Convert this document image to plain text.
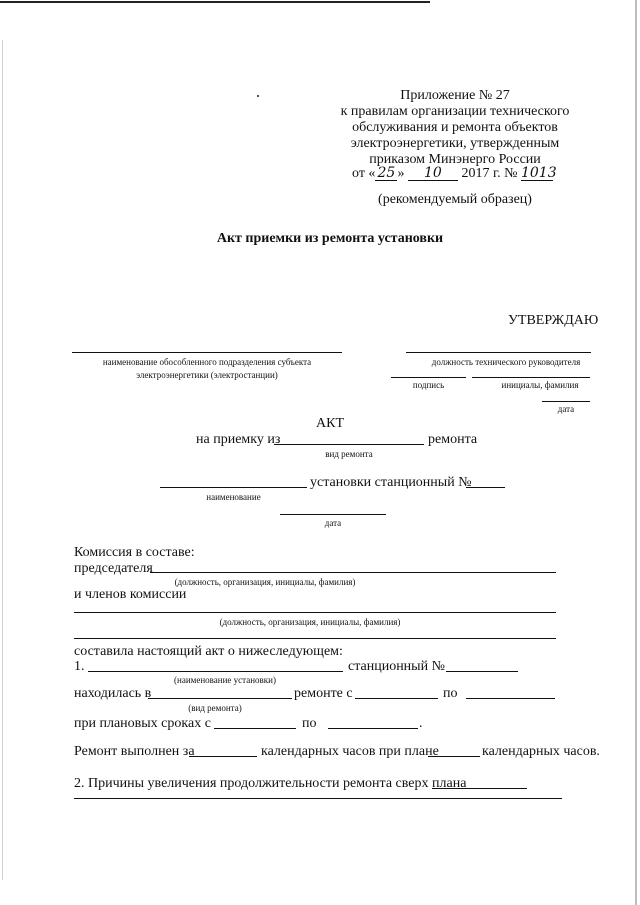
Приложение № 27
к правилам организации технического
обслуживания и ремонта объектов
электроэнергетики, утвержденным
приказом Минэнерго России
от « 25 » 10 2017 г. № 1013
(рекомендуемый образец)
Акт приемки из ремонта установки
УТВЕРЖДАЮ
наименование обособленного подразделения субъекта
электроэнергетики (электростанции)
должность технического руководителя
подпись	инициалы, фамилия
дата
АКТ
на приемку из	ремонта
вид ремонта
установки станционный №
наименование
дата
Комиссия в составе:
председателя
(должность, организация, инициалы, фамилия)
и членов комиссии
(должность, организация, инициалы, фамилия)
составила настоящий акт о нижеследующем:
1.	станционный №
(наименование установки)
находилась в	ремонте с	по
(вид ремонта)
при плановых сроках с	по	.
Ремонт выполнен за	календарных часов при плане	календарных часов.
2. Причины увеличения продолжительности ремонта сверх плана
